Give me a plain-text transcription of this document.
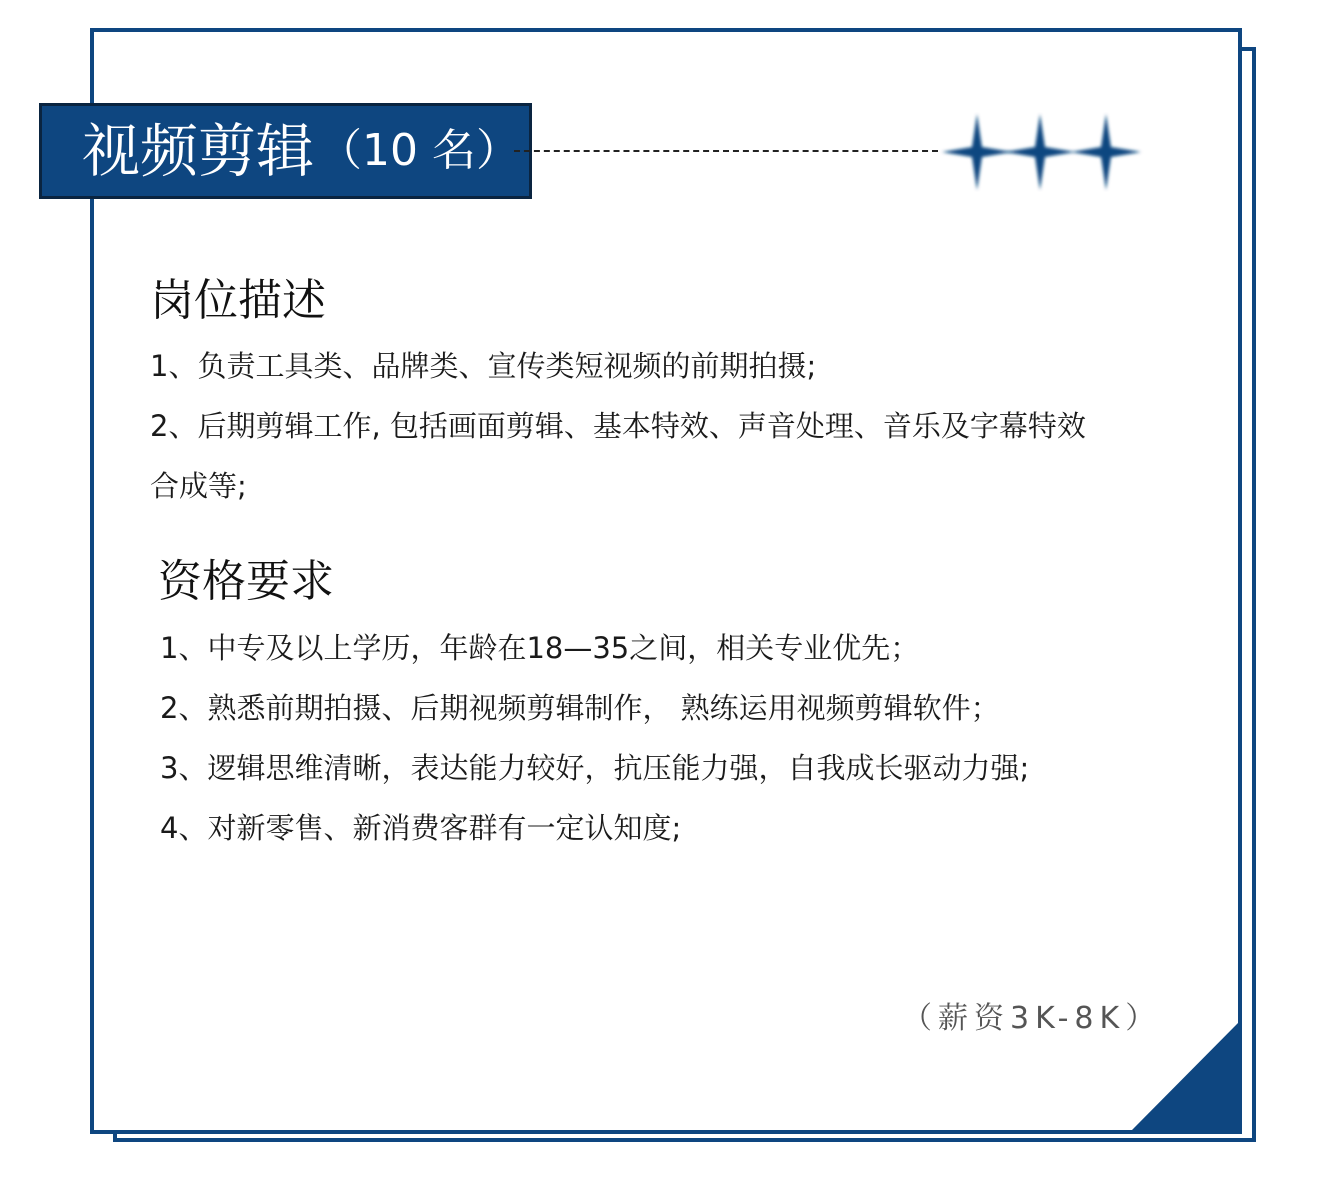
视频剪辑 （10 名）
岗位描述
1、负责工具类、品牌类、宣传类短视频的前期拍摄;
2、后期剪辑工作, 包括画面剪辑、基本特效、声音处理、音乐及字幕特效
合成等;
资格要求
1、中专及以上学历，年龄在18—35之间，相关专业优先；
2、熟悉前期拍摄、后期视频剪辑制作， 熟练运用视频剪辑软件；
3、逻辑思维清晰，表达能力较好，抗压能力强，自我成长驱动力强;
4、对新零售、新消费客群有一定认知度;
（薪资3K-8K）
